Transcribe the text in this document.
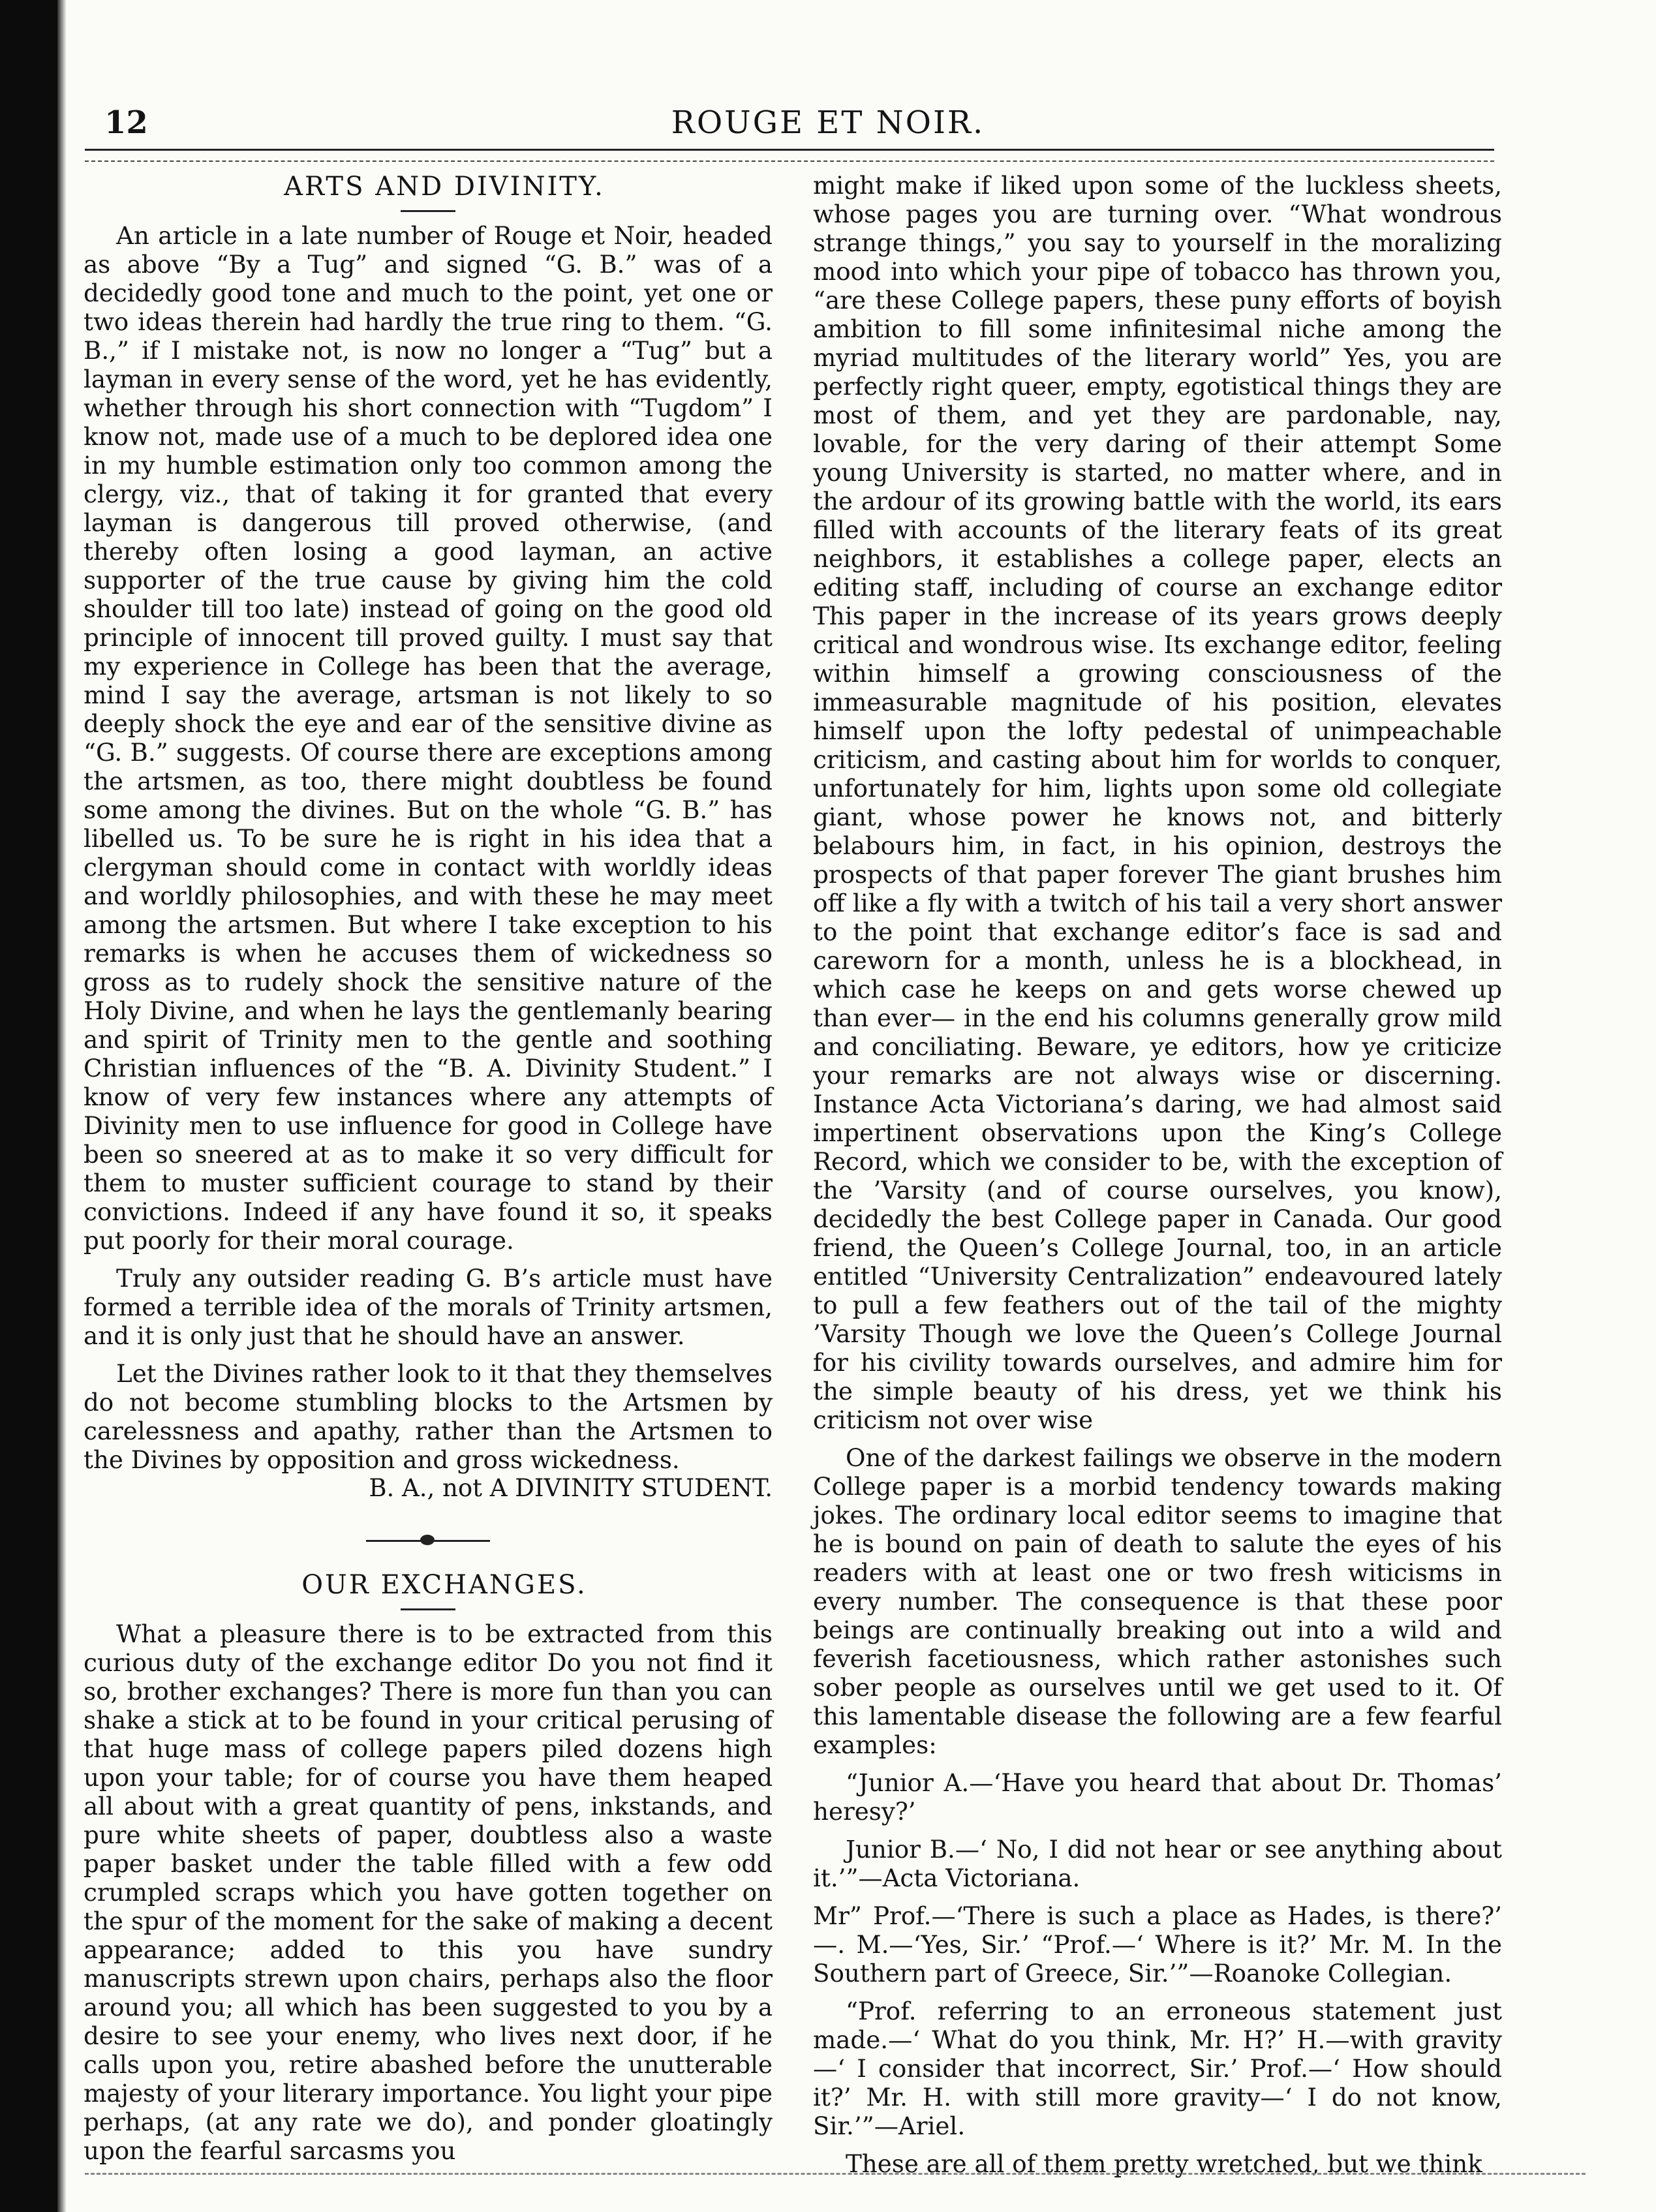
12	ROUGE ET NOIR.

ARTS AND DIVINITY.

An article in a late number of Rouge et Noir, headed as above “By a Tug” and signed “G. B.” was of a decidedly good tone and much to the point, yet one or two ideas therein had hardly the true ring to them. “G. B.,” if I mistake not, is now no longer a “Tug” but a layman in every sense of the word, yet he has evidently, whether through his short connection with “Tugdom” I know not, made use of a much to be deplored idea one in my humble estimation only too common among the clergy, viz., that of taking it for granted that every layman is dangerous till proved otherwise, (and thereby often losing a good layman, an active supporter of the true cause by giving him the cold shoulder till too late) instead of going on the good old principle of innocent till proved guilty. I must say that my experience in College has been that the average, mind I say the average, artsman is not likely to so deeply shock the eye and ear of the sensitive divine as “G. B.” suggests. Of course there are exceptions among the artsmen, as too, there might doubtless be found some among the divines. But on the whole “G. B.” has libelled us. To be sure he is right in his idea that a clergyman should come in contact with worldly ideas and worldly philosophies, and with these he may meet among the artsmen. But where I take exception to his remarks is when he accuses them of wickedness so gross as to rudely shock the sensitive nature of the Holy Divine, and when he lays the gentlemanly bearing and spirit of Trinity men to the gentle and soothing Christian influences of the “B. A. Divinity Student.” I know of very few instances where any attempts of Divinity men to use influence for good in College have been so sneered at as to make it so very difficult for them to muster sufficient courage to stand by their convictions. Indeed if any have found it so, it speaks put poorly for their moral courage.

Truly any outsider reading G. B’s article must have formed a terrible idea of the morals of Trinity artsmen, and it is only just that he should have an answer.

Let the Divines rather look to it that they themselves do not become stumbling blocks to the Artsmen by carelessness and apathy, rather than the Artsmen to the Divines by opposition and gross wickedness.

B. A., not A DIVINITY STUDENT.

OUR EXCHANGES.

What a pleasure there is to be extracted from this curious duty of the exchange editor Do you not find it so, brother exchanges? There is more fun than you can shake a stick at to be found in your critical perusing of that huge mass of college papers piled dozens high upon your table; for of course you have them heaped all about with a great quantity of pens, inkstands, and pure white sheets of paper, doubtless also a waste paper basket under the table filled with a few odd crumpled scraps which you have gotten together on the spur of the moment for the sake of making a decent appearance; added to this you have sundry manuscripts strewn upon chairs, perhaps also the floor around you; all which has been suggested to you by a desire to see your enemy, who lives next door, if he calls upon you, retire abashed before the unutterable majesty of your literary importance. You light your pipe perhaps, (at any rate we do), and ponder gloatingly upon the fearful sarcasms you

might make if liked upon some of the luckless sheets, whose pages you are turning over. “What wondrous strange things,” you say to yourself in the moralizing mood into which your pipe of tobacco has thrown you, “are these College papers, these puny efforts of boyish ambition to fill some infinitesimal niche among the myriad multitudes of the literary world” Yes, you are perfectly right queer, empty, egotistical things they are most of them, and yet they are pardonable, nay, lovable, for the very daring of their attempt Some young University is started, no matter where, and in the ardour of its growing battle with the world, its ears filled with accounts of the literary feats of its great neighbors, it establishes a college paper, elects an editing staff, including of course an exchange editor This paper in the increase of its years grows deeply critical and wondrous wise. Its exchange editor, feeling within himself a growing consciousness of the immeasurable magnitude of his position, elevates himself upon the lofty pedestal of unimpeachable criticism, and casting about him for worlds to conquer, unfortunately for him, lights upon some old collegiate giant, whose power he knows not, and bitterly belabours him, in fact, in his opinion, destroys the prospects of that paper forever The giant brushes him off like a fly with a twitch of his tail a very short answer to the point that exchange editor’s face is sad and careworn for a month, unless he is a blockhead, in which case he keeps on and gets worse chewed up than ever— in the end his columns generally grow mild and conciliating. Beware, ye editors, how ye criticize your remarks are not always wise or discerning. Instance Acta Victoriana’s daring, we had almost said impertinent observations upon the King’s College Record, which we consider to be, with the exception of the ’Varsity (and of course ourselves, you know), decidedly the best College paper in Canada. Our good friend, the Queen’s College Journal, too, in an article entitled “University Centralization” endeavoured lately to pull a few feathers out of the tail of the mighty ’Varsity Though we love the Queen’s College Journal for his civility towards ourselves, and admire him for the simple beauty of his dress, yet we think his criticism not over wise

One of the darkest failings we observe in the modern College paper is a morbid tendency towards making jokes. The ordinary local editor seems to imagine that he is bound on pain of death to salute the eyes of his readers with at least one or two fresh witicisms in every number. The consequence is that these poor beings are continually breaking out into a wild and feverish facetiousness, which rather astonishes such sober people as ourselves until we get used to it. Of this lamentable disease the following are a few fearful examples:

“Junior A.—‘Have you heard that about Dr. Thomas’ heresy?’

Junior B.—‘ No, I did not hear or see anything about it.’”—Acta Victoriana.

Mr” Prof.—‘There is such a place as Hades, is there?’ —. M.—‘Yes, Sir.’ “Prof.—‘ Where is it?’ Mr. M. In the Southern part of Greece, Sir.’”—Roanoke Collegian.

“Prof. referring to an erroneous statement just made.—‘ What do you think, Mr. H?’ H.—with gravity —‘ I consider that incorrect, Sir.’ Prof.—‘ How should it?’ Mr. H. with still more gravity—‘ I do not know, Sir.’”—Ariel.

These are all of them pretty wretched, but we think
